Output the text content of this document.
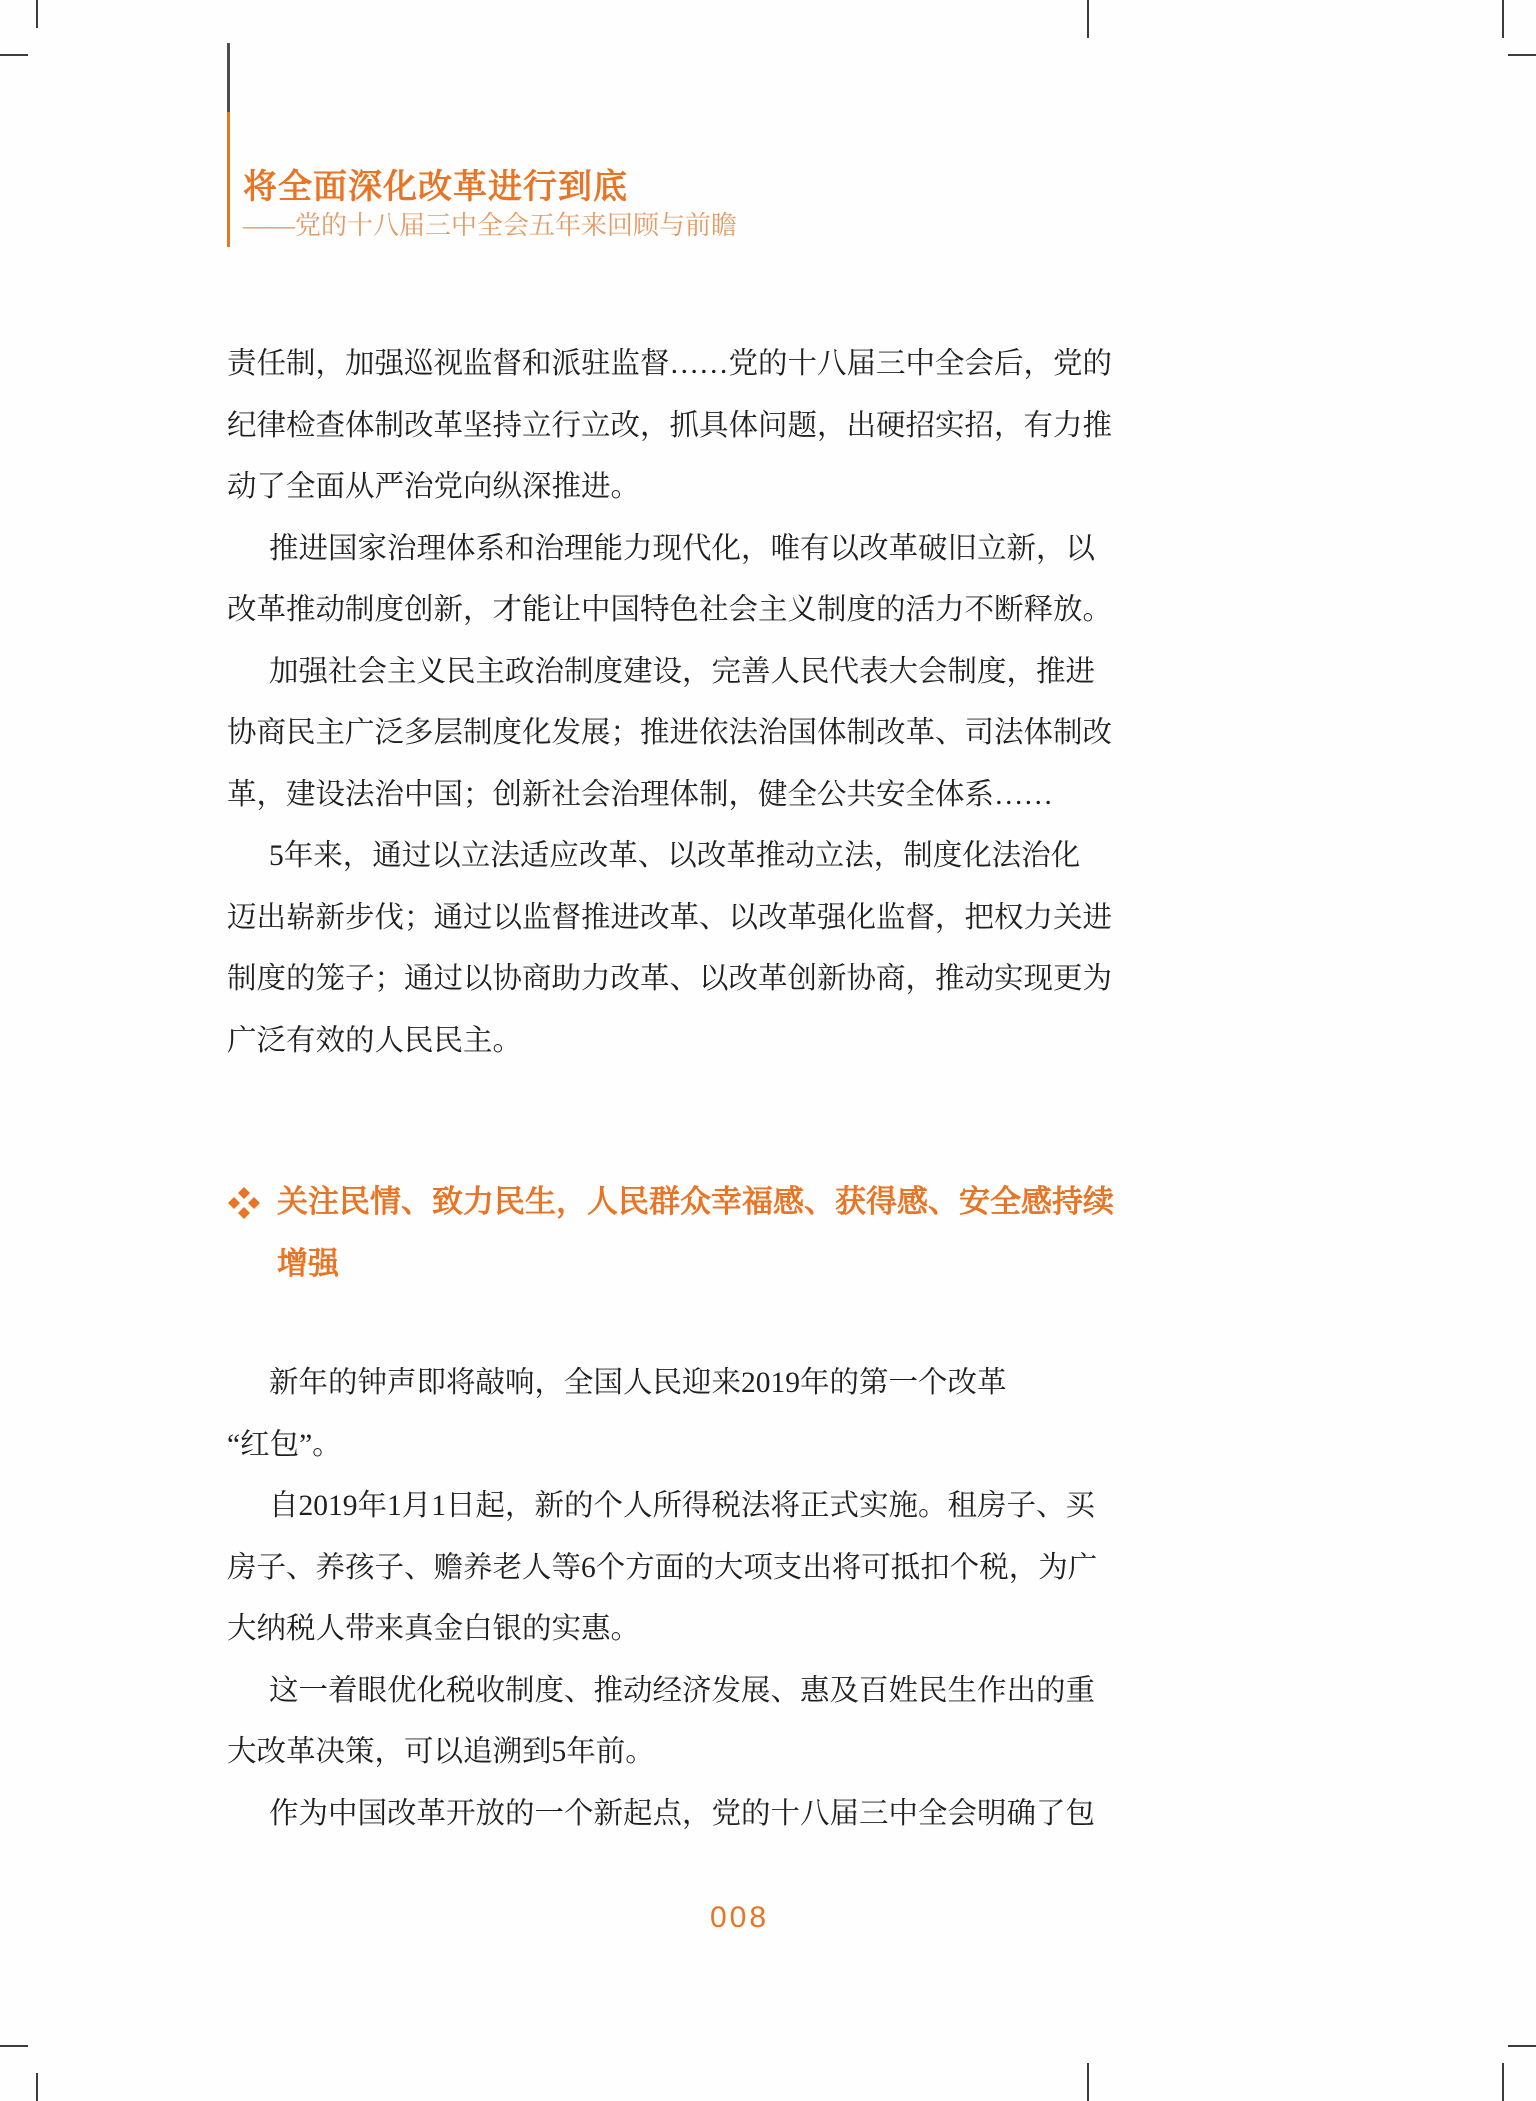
将全面深化改革进行到底
——党的十八届三中全会五年来回顾与前瞻
责任制，加强巡视监督和派驻监督……党的十八届三中全会后，党的
纪律检查体制改革坚持立行立改，抓具体问题，出硬招实招，有力推
动了全面从严治党向纵深推进。
推进国家治理体系和治理能力现代化，唯有以改革破旧立新，以
改革推动制度创新，才能让中国特色社会主义制度的活力不断释放。
加强社会主义民主政治制度建设，完善人民代表大会制度，推进
协商民主广泛多层制度化发展；推进依法治国体制改革、司法体制改
革，建设法治中国；创新社会治理体制，健全公共安全体系……
5年来，通过以立法适应改革、以改革推动立法，制度化法治化
迈出崭新步伐；通过以监督推进改革、以改革强化监督，把权力关进
制度的笼子；通过以协商助力改革、以改革创新协商，推动实现更为
广泛有效的人民民主。
关注民情、致力民生，人民群众幸福感、获得感、安全感持续
增强
新年的钟声即将敲响，全国人民迎来2019年的第一个改革
“红包”。
自2019年1月1日起，新的个人所得税法将正式实施。租房子、买
房子、养孩子、赡养老人等6个方面的大项支出将可抵扣个税，为广
大纳税人带来真金白银的实惠。
这一着眼优化税收制度、推动经济发展、惠及百姓民生作出的重
大改革决策，可以追溯到5年前。
作为中国改革开放的一个新起点，党的十八届三中全会明确了包
008
